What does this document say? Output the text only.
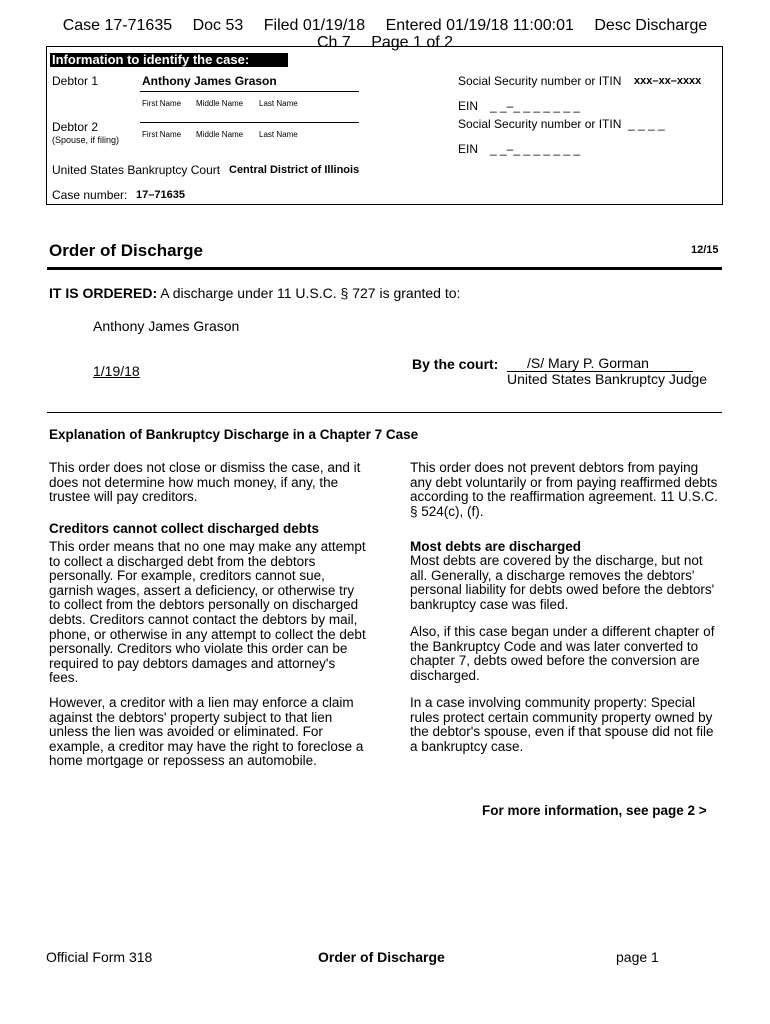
Case 17-71635 Doc 53 Filed 01/19/18 Entered 01/19/18 11:00:01 Desc Discharge
Ch 7 Page 1 of 2
Information to identify the case:
Debtor 1	Anthony James Grason
First Name Middle Name Last Name
Social Security number or ITIN xxx–xx–xxxx
EIN _ _–_ _ _ _ _ _ _
Debtor 2
(Spouse, if filing)
First Name Middle Name Last Name
Social Security number or ITIN _ _ _ _
EIN _ _–_ _ _ _ _ _ _
United States Bankruptcy Court Central District of Illinois
Case number: 17–71635
Order of Discharge	12/15
IT IS ORDERED: A discharge under 11 U.S.C. § 727 is granted to:
Anthony James Grason
1/19/18	By the court:	/S/ Mary P. Gorman
United States Bankruptcy Judge
Explanation of Bankruptcy Discharge in a Chapter 7 Case
This order does not close or dismiss the case, and it does not determine how much money, if any, the trustee will pay creditors.
Creditors cannot collect discharged debts
This order means that no one may make any attempt to collect a discharged debt from the debtors personally. For example, creditors cannot sue, garnish wages, assert a deficiency, or otherwise try to collect from the debtors personally on discharged debts. Creditors cannot contact the debtors by mail, phone, or otherwise in any attempt to collect the debt personally. Creditors who violate this order can be required to pay debtors damages and attorney's fees.
However, a creditor with a lien may enforce a claim against the debtors' property subject to that lien unless the lien was avoided or eliminated. For example, a creditor may have the right to foreclose a home mortgage or repossess an automobile.
This order does not prevent debtors from paying any debt voluntarily or from paying reaffirmed debts according to the reaffirmation agreement. 11 U.S.C. § 524(c), (f).
Most debts are discharged
Most debts are covered by the discharge, but not all. Generally, a discharge removes the debtors' personal liability for debts owed before the debtors' bankruptcy case was filed.
Also, if this case began under a different chapter of the Bankruptcy Code and was later converted to chapter 7, debts owed before the conversion are discharged.
In a case involving community property: Special rules protect certain community property owned by the debtor's spouse, even if that spouse did not file a bankruptcy case.
For more information, see page 2 >
Official Form 318	Order of Discharge	page 1
